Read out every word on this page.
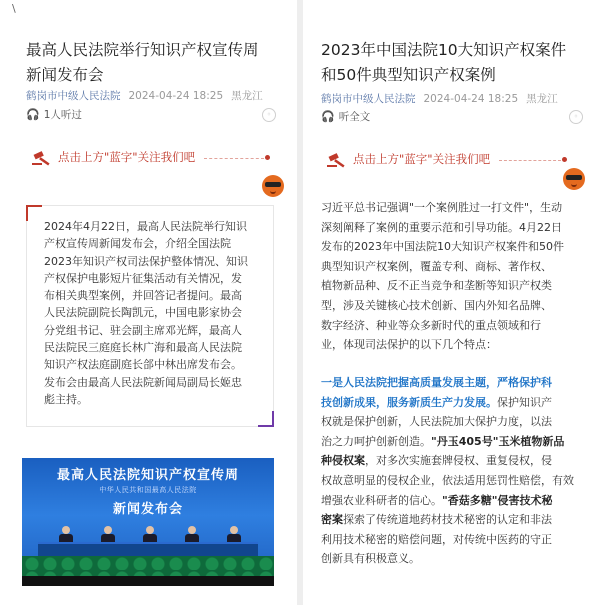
\
最高人民法院举行知识产权宣传周
新闻发布会
鹤岗市中级人民法院 2024-04-24 18:25 黑龙江
◦
🎧 1人听过
点击上方"蓝字"关注我们吧
2024年4月22日，最高人民法院举行知识
产权宣传周新闻发布会，介绍全国法院
2023年知识产权司法保护整体情况、知识
产权保护电影短片征集活动有关情况，发
布相关典型案例，并回答记者提问。最高
人民法院副院长陶凯元，中国电影家协会
分党组书记、驻会副主席邓光辉，最高人
民法院民三庭庭长林广海和最高人民法院
知识产权法庭副庭长郃中林出席发布会。
发布会由最高人民法院新闻局副局长姬忠
彪主持。
最高人民法院知识产权宣传周
新闻发布会
中华人民共和国最高人民法院
2023年中国法院10大知识产权案件
和50件典型知识产权案例
鹤岗市中级人民法院 2024-04-24 18:25 黑龙江
◦
🎧 听全文
点击上方"蓝字"关注我们吧
习近平总书记强调"一个案例胜过一打文件"，生动
深刻阐释了案例的重要示范和引导功能。4月22日
发布的2023年中国法院10大知识产权案件和50件
典型知识产权案例，覆盖专利、商标、著作权、
植物新品种、反不正当竞争和垄断等知识产权类
型，涉及关键核心技术创新、国内外知名品牌、
数字经济、种业等众多新时代的重点领域和行
业，体现司法保护的以下几个特点：
一是人民法院把握高质量发展主题，严格保护科
技创新成果，服务新质生产力发展。保护知识产
权就是保护创新，人民法院加大保护力度，以法
治之力呵护创新创造。"丹玉405号"玉米植物新品
种侵权案，对多次实施套牌侵权、重复侵权，侵
权故意明显的侵权企业，依法适用惩罚性赔偿，有效
增强农业科研者的信心。"香菇多糖"侵害技术秘
密案探索了传统道地药材技术秘密的认定和非法
利用技术秘密的赔偿问题，对传统中医药的守正
创新具有积极意义。
